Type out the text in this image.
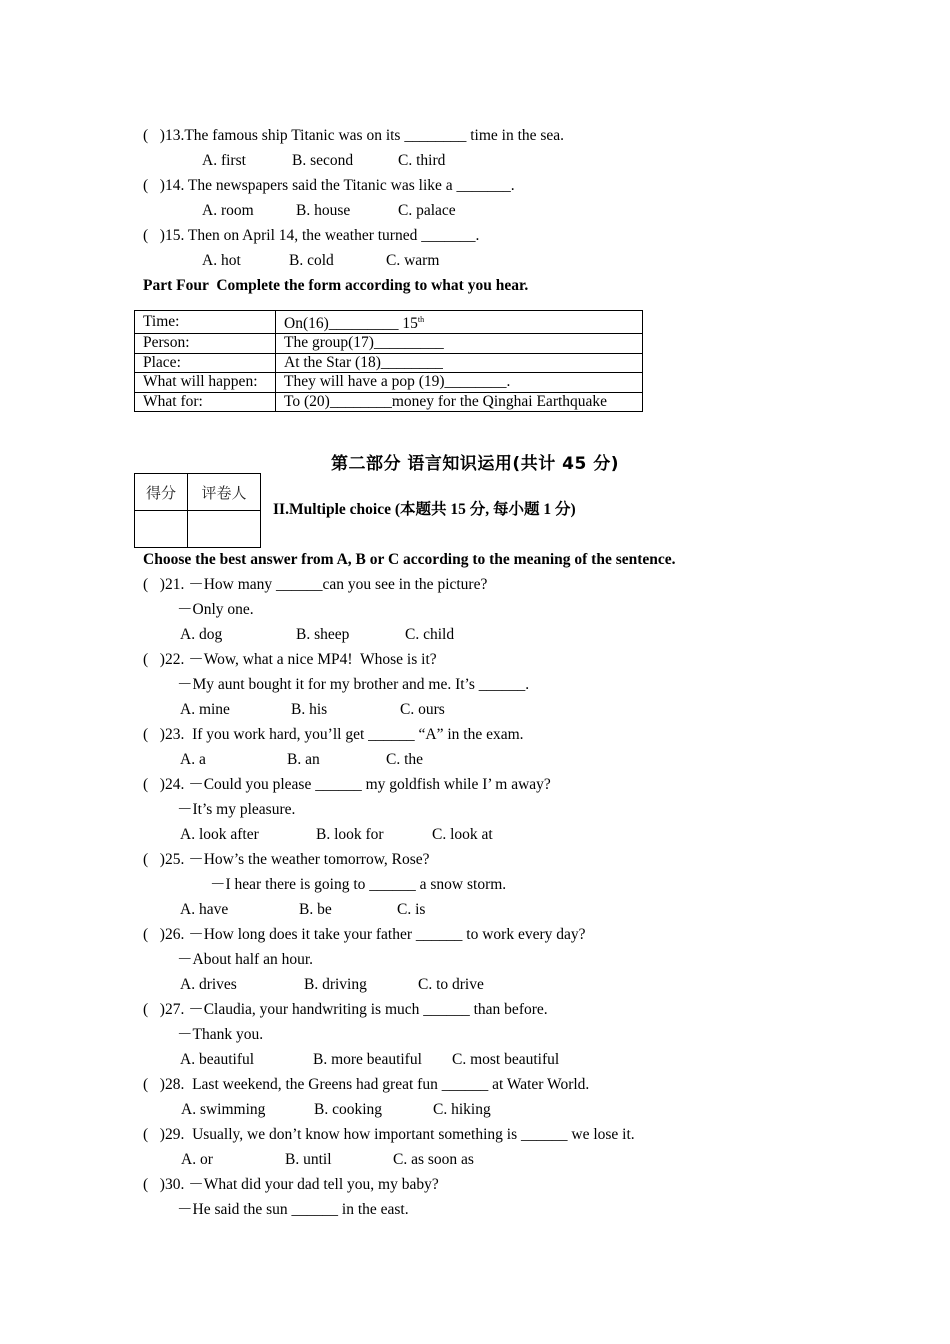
(   )13.The famous ship Titanic was on its ________ time in the sea.
A. first	B. second	C. third
(   )14. The newspapers said the Titanic was like a _______.
A. room	B. house	C. palace
(   )15. Then on April 14, the weather turned _______.
A. hot	B. cold	C. warm
Part Four  Complete the form according to what you hear.
Time:	On(16)_________ 15th
Person:	The group(17)_________
Place:	At the Star (18)________
What will happen:	They will have a pop (19)________.
What for:	To (20)________money for the Qinghai Earthquake
第二部分 语言知识运用(共计 45 分)
得分	评卷人

II.Multiple choice (本题共 15 分, 每小题 1 分)
Choose the best answer from A, B or C according to the meaning of the sentence.
(   )21. －How many ______can you see in the picture?
－Only one.
A. dog	B. sheep	C. child
(   )22. －Wow, what a nice MP4!  Whose is it?
－My aunt bought it for my brother and me. It’s ______.
A. mine	B. his	C. ours
(   )23.  If you work hard, you’ll get ______ “A” in the exam.
A. a	B. an	C. the
(   )24. －Could you please ______ my goldfish while I’ m away?
－It’s my pleasure.
A. look after	B. look for	C. look at
(   )25. －How’s the weather tomorrow, Rose?
－I hear there is going to ______ a snow storm.
A. have	B. be	C. is
(   )26. －How long does it take your father ______ to work every day?
－About half an hour.
A. drives	B. driving	C. to drive
(   )27. －Claudia, your handwriting is much ______ than before.
－Thank you.
A. beautiful	B. more beautiful C. most beautiful
(   )28.  Last weekend, the Greens had great fun ______ at Water World.
A. swimming	B. cooking	C. hiking
(   )29.  Usually, we don’t know how important something is ______ we lose it.
A. or	B. until	C. as soon as
(   )30. －What did your dad tell you, my baby?
－He said the sun ______ in the east.
